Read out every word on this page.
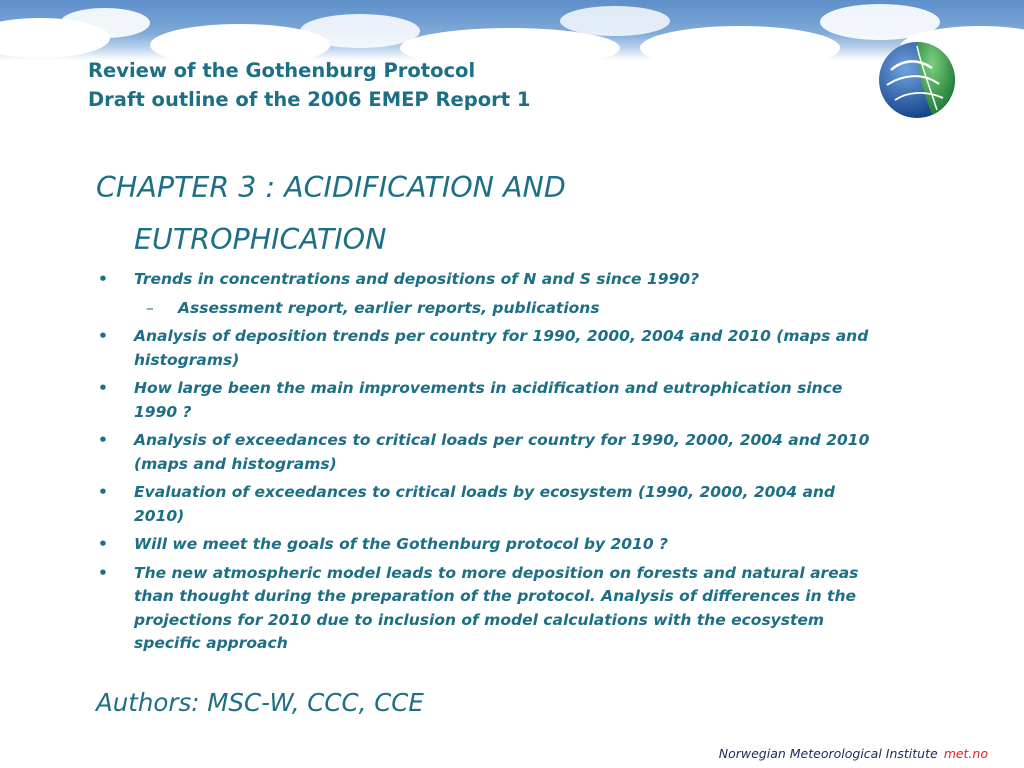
Review of the Gothenburg Protocol
Draft outline of the 2006 EMEP Report 1
CHAPTER 3 : ACIDIFICATION AND
EUTROPHICATION
• Trends in concentrations and depositions of N and S since 1990?
– Assessment report, earlier reports, publications
• Analysis of deposition trends per country for 1990, 2000, 2004 and 2010 (maps and histograms)
• How large been the main improvements in acidification and eutrophication since 1990 ?
• Analysis of exceedances to critical loads per country for 1990, 2000, 2004 and 2010 (maps and histograms)
• Evaluation of exceedances to critical loads by ecosystem (1990, 2000, 2004 and 2010)
• Will we meet the goals of the Gothenburg protocol by 2010 ?
• The new atmospheric model leads to more deposition on forests and natural areas than thought during the preparation of the protocol. Analysis of differences in the projections for 2010 due to inclusion of model calculations with the ecosystem specific approach
Authors: MSC-W, CCC, CCE
Norwegian Meteorological Institute met.no
